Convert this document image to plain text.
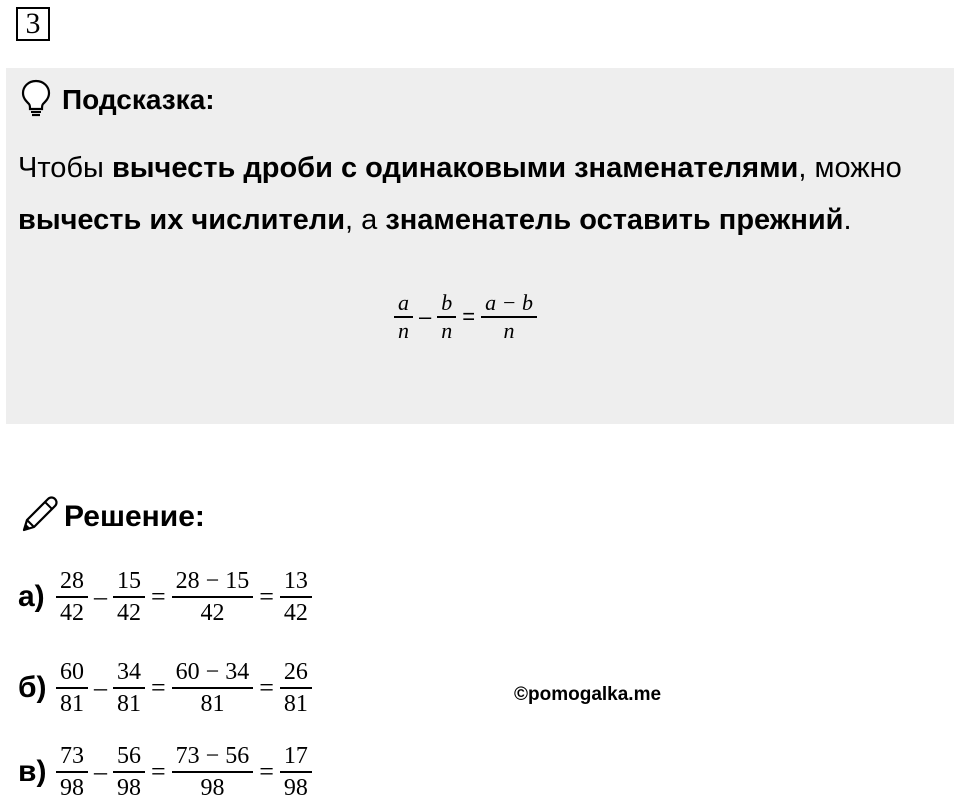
3
Подсказка:
Чтобы вычесть дроби с одинаковыми знаменателями, можно вычесть их числители, а знаменатель оставить прежний.
$\frac{a}{n} - \frac{b}{n} = \frac{a - b}{n}$
Решение:
$а) \frac{28}{42} - \frac{15}{42} = \frac{28 - 15}{42} = \frac{13}{42}$
$б) \frac{60}{81} - \frac{34}{81} = \frac{60 - 34}{81} = \frac{26}{81}$
$в) \frac{73}{98} - \frac{56}{98} = \frac{73 - 56}{98} = \frac{17}{98}$
©pomogalka.me
